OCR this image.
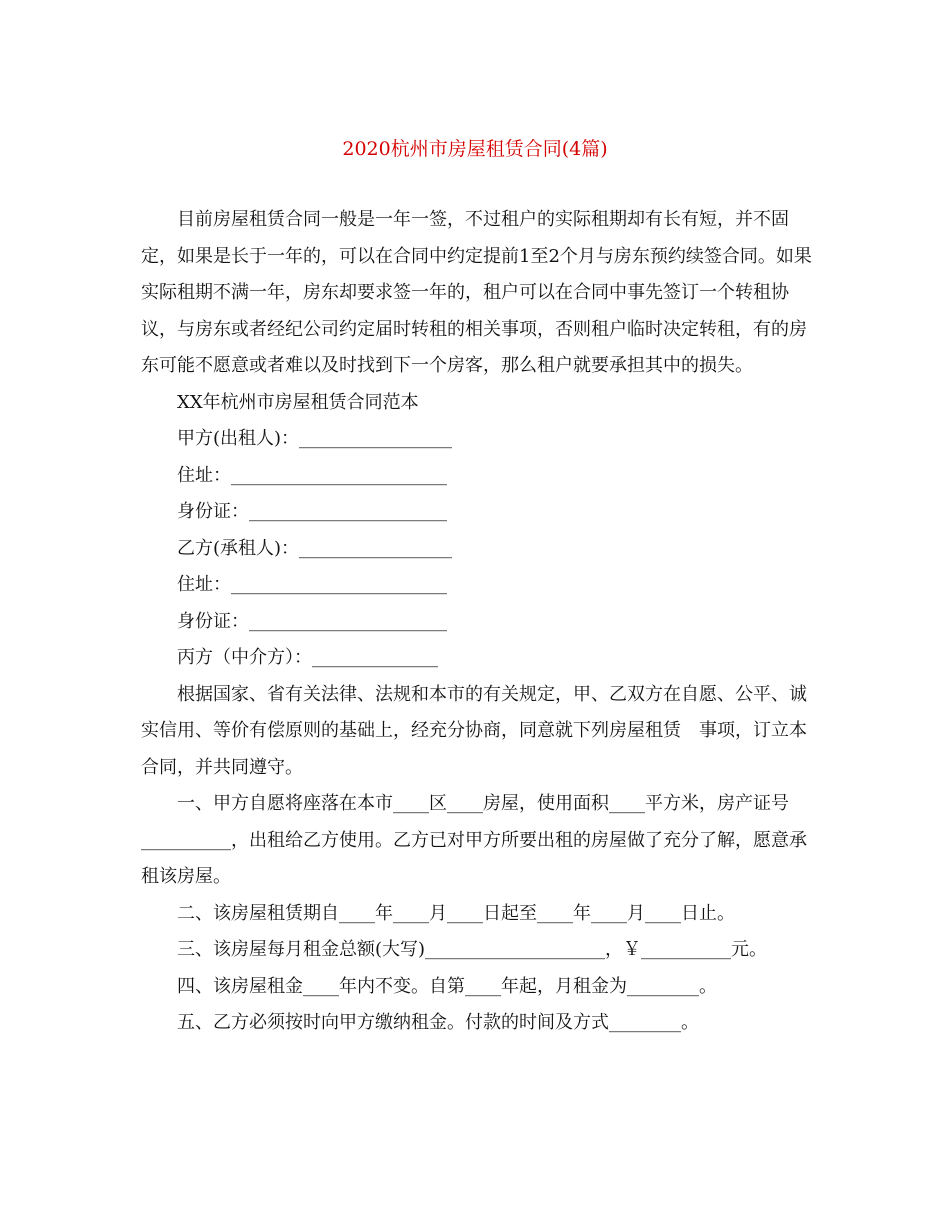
2020杭州市房屋租赁合同(4篇)

目前房屋租赁合同一般是一年一签，不过租户的实际租期却有长有短，并不固定，如果是长于一年的，可以在合同中约定提前1至2个月与房东预约续签合同。如果实际租期不满一年，房东却要求签一年的，租户可以在合同中事先签订一个转租协议，与房东或者经纪公司约定届时转租的相关事项，否则租户临时决定转租，有的房东可能不愿意或者难以及时找到下一个房客，那么租户就要承担其中的损失。

XX年杭州市房屋租赁合同范本

甲方(出租人)：_________________

住址：________________________

身份证：______________________

乙方(承租人)：_________________

住址：________________________

身份证：______________________

丙方（中介方）：______________

根据国家、省有关法律、法规和本市的有关规定，甲、乙双方在自愿、公平、诚实信用、等价有偿原则的基础上，经充分协商，同意就下列房屋租赁　事项，订立本合同，并共同遵守。

一、甲方自愿将座落在本市____区____房屋，使用面积____平方米，房产证号__________，出租给乙方使用。乙方已对甲方所要出租的房屋做了充分了解，愿意承租该房屋。

二、该房屋租赁期自____年____月____日起至____年____月____日止。

三、该房屋每月租金总额(大写)____________________，￥__________元。

四、该房屋租金____年内不变。自第____年起，月租金为________。

五、乙方必须按时向甲方缴纳租金。付款的时间及方式________。
